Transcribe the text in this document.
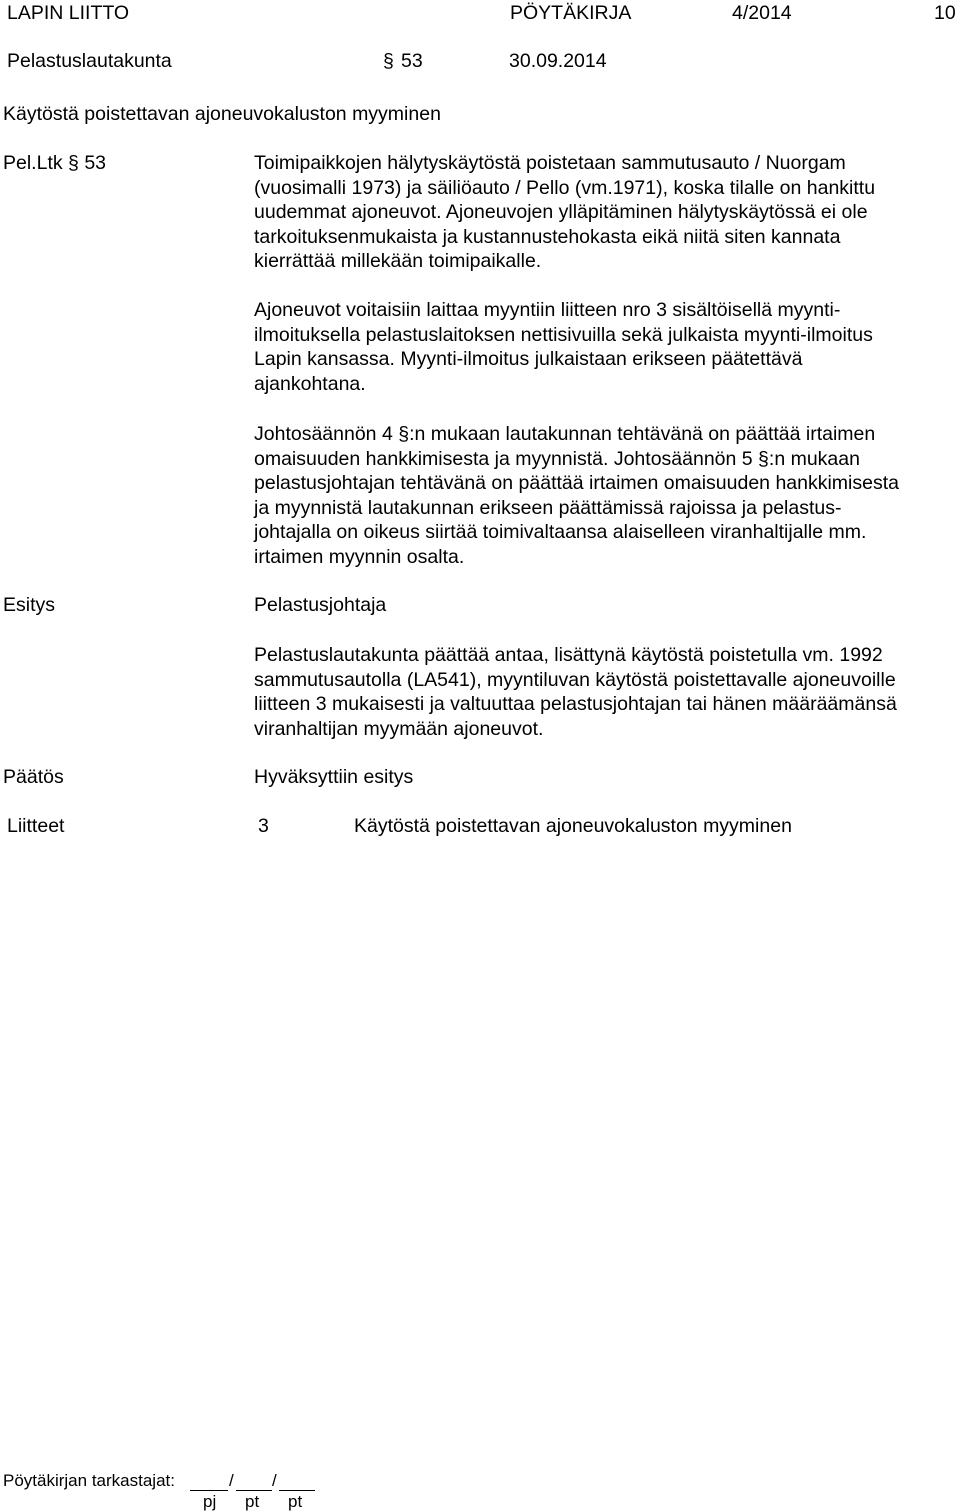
LAPIN LIITTO	PÖYTÄKIRJA	4/2014	10
Pelastuslautakunta	§ 53	30.09.2014
Käytöstä poistettavan ajoneuvokaluston myyminen
Pel.Ltk § 53	Toimipaikkojen hälytyskäytöstä poistetaan sammutusauto / Nuorgam
(vuosimalli 1973) ja säiliöauto / Pello (vm.1971), koska tilalle on hankittu
uudemmat ajoneuvot. Ajoneuvojen ylläpitäminen hälytyskäytössä ei ole
tarkoituksenmukaista ja kustannustehokasta eikä niitä siten kannata
kierrättää millekään toimipaikalle.
Ajoneuvot voitaisiin laittaa myyntiin liitteen nro 3 sisältöisellä myynti-
ilmoituksella pelastuslaitoksen nettisivuilla sekä julkaista myynti-ilmoitus
Lapin kansassa. Myynti-ilmoitus julkaistaan erikseen päätettävä
ajankohtana.
Johtosäännön 4 §:n mukaan lautakunnan tehtävänä on päättää irtaimen
omaisuuden hankkimisesta ja myynnistä. Johtosäännön 5 §:n mukaan
pelastusjohtajan tehtävänä on päättää irtaimen omaisuuden hankkimisesta
ja myynnistä lautakunnan erikseen päättämissä rajoissa ja pelastus-
johtajalla on oikeus siirtää toimivaltaansa alaiselleen viranhaltijalle mm.
irtaimen myynnin osalta.
Esitys	Pelastusjohtaja
Pelastuslautakunta päättää antaa, lisättynä käytöstä poistetulla vm. 1992
sammutusautolla (LA541), myyntiluvan käytöstä poistettavalle ajoneuvoille
liitteen 3 mukaisesti ja valtuuttaa pelastusjohtajan tai hänen määräämänsä
viranhaltijan myymään ajoneuvot.
Päätös	Hyväksyttiin esitys
Liitteet	3	Käytöstä poistettavan ajoneuvokaluston myyminen
Pöytäkirjan tarkastajat:	/ /
pj pt pt
